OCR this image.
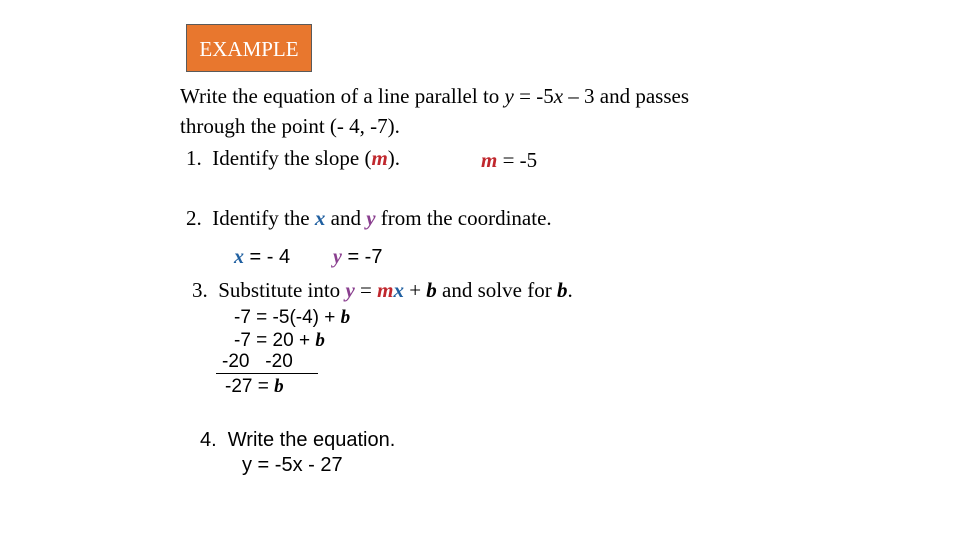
EXAMPLE
Write the equation of a line parallel to y = -5x – 3 and passes
through the point (- 4, -7).
1.  Identify the slope (m).	m = -5
2.  Identify the x and y from the coordinate.
x = - 4 y = -7
3.  Substitute into y = mx + b and solve for b.
-7 = -5(-4) + b
-7 = 20 + b
-20   -20
-27 = b
4.  Write the equation.
y = -5x - 27
